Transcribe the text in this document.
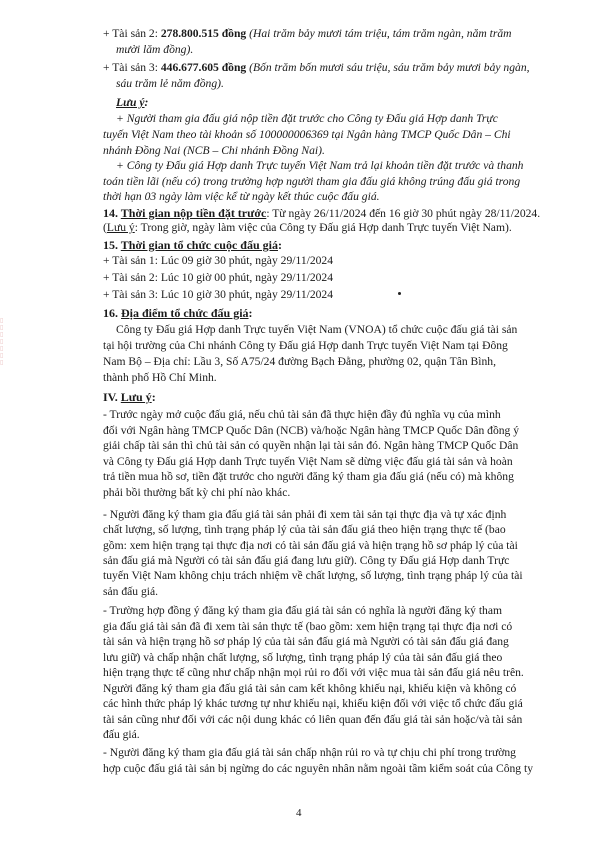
▯
▯
▯
▯
▯
▯
▯
+ Tài sản 2: 278.800.515 đồng (Hai trăm bảy mươi tám triệu, tám trăm ngàn, năm trăm
mười lăm đồng).
+ Tài sản 3: 446.677.605 đồng (Bốn trăm bốn mươi sáu triệu, sáu trăm bảy mươi bảy ngàn,
sáu trăm lẻ năm đồng).
Lưu ý:
+ Người tham gia đấu giá nộp tiền đặt trước cho Công ty Đấu giá Hợp danh Trực
tuyến Việt Nam theo tài khoản số 100000006369 tại Ngân hàng TMCP Quốc Dân – Chi
nhánh Đồng Nai (NCB – Chi nhánh Đồng Nai).
+ Công ty Đấu giá Hợp danh Trực tuyến Việt Nam trả lại khoản tiền đặt trước và thanh
toán tiền lãi (nếu có) trong trường hợp người tham gia đấu giá không trúng đấu giá trong
thời hạn 03 ngày làm việc kể từ ngày kết thúc cuộc đấu giá.
14. Thời gian nộp tiền đặt trước: Từ ngày 26/11/2024 đến 16 giờ 30 phút ngày 28/11/2024.
(Lưu ý: Trong giờ, ngày làm việc của Công ty Đấu giá Hợp danh Trực tuyến Việt Nam).
15. Thời gian tổ chức cuộc đấu giá:
+ Tài sản 1: Lúc 09 giờ 30 phút, ngày 29/11/2024
+ Tài sản 2: Lúc 10 giờ 00 phút, ngày 29/11/2024
+ Tài sản 3: Lúc 10 giờ 30 phút, ngày 29/11/2024
16. Địa điểm tổ chức đấu giá:
Công ty Đấu giá Hợp danh Trực tuyến Việt Nam (VNOA) tổ chức cuộc đấu giá tài sản
tại hội trường của Chi nhánh Công ty Đấu giá Hợp danh Trực tuyến Việt Nam tại Đông
Nam Bộ – Địa chỉ: Lầu 3, Số A75/24 đường Bạch Đằng, phường 02, quận Tân Bình,
thành phố Hồ Chí Minh.
IV. Lưu ý:
- Trước ngày mở cuộc đấu giá, nếu chủ tài sản đã thực hiện đầy đủ nghĩa vụ của mình
đối với Ngân hàng TMCP Quốc Dân (NCB) và/hoặc Ngân hàng TMCP Quốc Dân đồng ý
giải chấp tài sản thì chủ tài sản có quyền nhận lại tài sản đó. Ngân hàng TMCP Quốc Dân
và Công ty Đấu giá Hợp danh Trực tuyến Việt Nam sẽ dừng việc đấu giá tài sản và hoàn
trả tiền mua hồ sơ, tiền đặt trước cho người đăng ký tham gia đấu giá (nếu có) mà không
phải bồi thường bất kỳ chi phí nào khác.
- Người đăng ký tham gia đấu giá tài sản phải đi xem tài sản tại thực địa và tự xác định
chất lượng, số lượng, tình trạng pháp lý của tài sản đấu giá theo hiện trạng thực tế (bao
gồm: xem hiện trạng tại thực địa nơi có tài sản đấu giá và hiện trạng hồ sơ pháp lý của tài
sản đấu giá mà Người có tài sản đấu giá đang lưu giữ). Công ty Đấu giá Hợp danh Trực
tuyến Việt Nam không chịu trách nhiệm về chất lượng, số lượng, tình trạng pháp lý của tài
sản đấu giá.
- Trường hợp đồng ý đăng ký tham gia đấu giá tài sản có nghĩa là người đăng ký tham
gia đấu giá tài sản đã đi xem tài sản thực tế (bao gồm: xem hiện trạng tại thực địa nơi có
tài sản và hiện trạng hồ sơ pháp lý của tài sản đấu giá mà Người có tài sản đấu giá đang
lưu giữ) và chấp nhận chất lượng, số lượng, tình trạng pháp lý của tài sản đấu giá theo
hiện trạng thực tế cũng như chấp nhận mọi rủi ro đối với việc mua tài sản đấu giá nêu trên.
Người đăng ký tham gia đấu giá tài sản cam kết không khiếu nại, khiếu kiện và không có
các hình thức pháp lý khác tương tự như khiếu nại, khiếu kiện đối với việc tổ chức đấu giá
tài sản cũng như đối với các nội dung khác có liên quan đến đấu giá tài sản hoặc/và tài sản
đấu giá.
- Người đăng ký tham gia đấu giá tài sản chấp nhận rủi ro và tự chịu chi phí trong trường
hợp cuộc đấu giá tài sản bị ngừng do các nguyên nhân nằm ngoài tầm kiểm soát của Công ty
4
